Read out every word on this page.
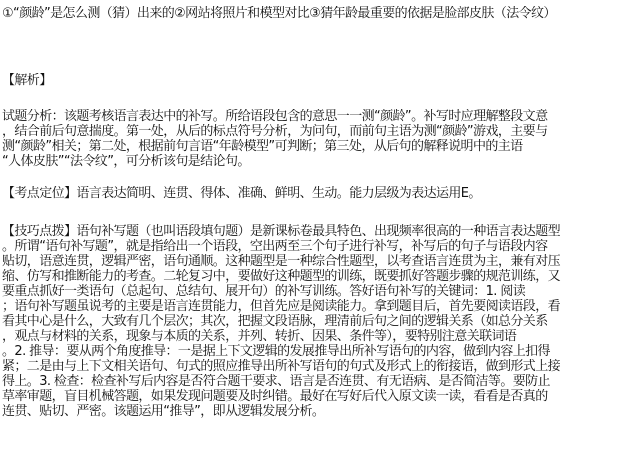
①“颜龄”是怎么测（猜）出来的②网站将照片和模型对比③猜年龄最重要的依据是脸部皮肤（法令纹）
【解析】
试题分析：该题考核语言表达中的补写。所给语段包含的意思一一测“颜龄”。补写时应理解整段文意
，结合前后句意揣度。第一处，从后的标点符号分析，为问句，而前句主语为测“颜龄”游戏，主要与
测“颜龄”相关；第二处，根据前句言语“年龄模型”可判断；第三处，从后句的解释说明中的主语
“人体皮肤”“法令纹”，可分析该句是结论句。
【考点定位】语言表达简明、连贯、得体、准确、鲜明、生动。能力层级为表达运用E。
【技巧点拨】语句补写题（也叫语段填句题）是新课标卷最具特色、出现频率很高的一种语言表达题型
。所谓“语句补写题”，就是指给出一个语段，空出两至三个句子进行补写，补写后的句子与语段内容
贴切，语意连贯，逻辑严密，语句通顺。这种题型是一种综合性题型，以考查语言连贯为主，兼有对压
缩、仿写和推断能力的考查。二轮复习中，要做好这种题型的训练，既要抓好答题步骤的规范训练，又
要重点抓好一类语句（总起句、总结句、展开句）的补写训练。答好语句补写的关键词：1. 阅读
；语句补写题虽说考的主要是语言连贯能力，但首先应是阅读能力。拿到题目后，首先要阅读语段，看
看其中心是什么，大致有几个层次；其次，把握文段语脉，理清前后句之间的逻辑关系（如总分关系
，观点与材料的关系，现象与本质的关系，并列、转折、因果、条件等），要特别注意关联词语
。2. 推导：要从两个角度推导：一是据上下文逻辑的发展推导出所补写语句的内容，做到内容上扣得
紧；二是由与上下文相关语句、句式的照应推导出所补写语句的句式及形式上的衔接语，做到形式上接
得上。3. 检查：检查补写后内容是否符合题干要求、语言是否连贯、有无语病、是否简洁等。要防止
草率审题，盲目机械答题，如果发现问题要及时纠错。最好在写好后代入原文读一读，看看是否真的
连贯、贴切、严密。该题运用“推导”，即从逻辑发展分析。
